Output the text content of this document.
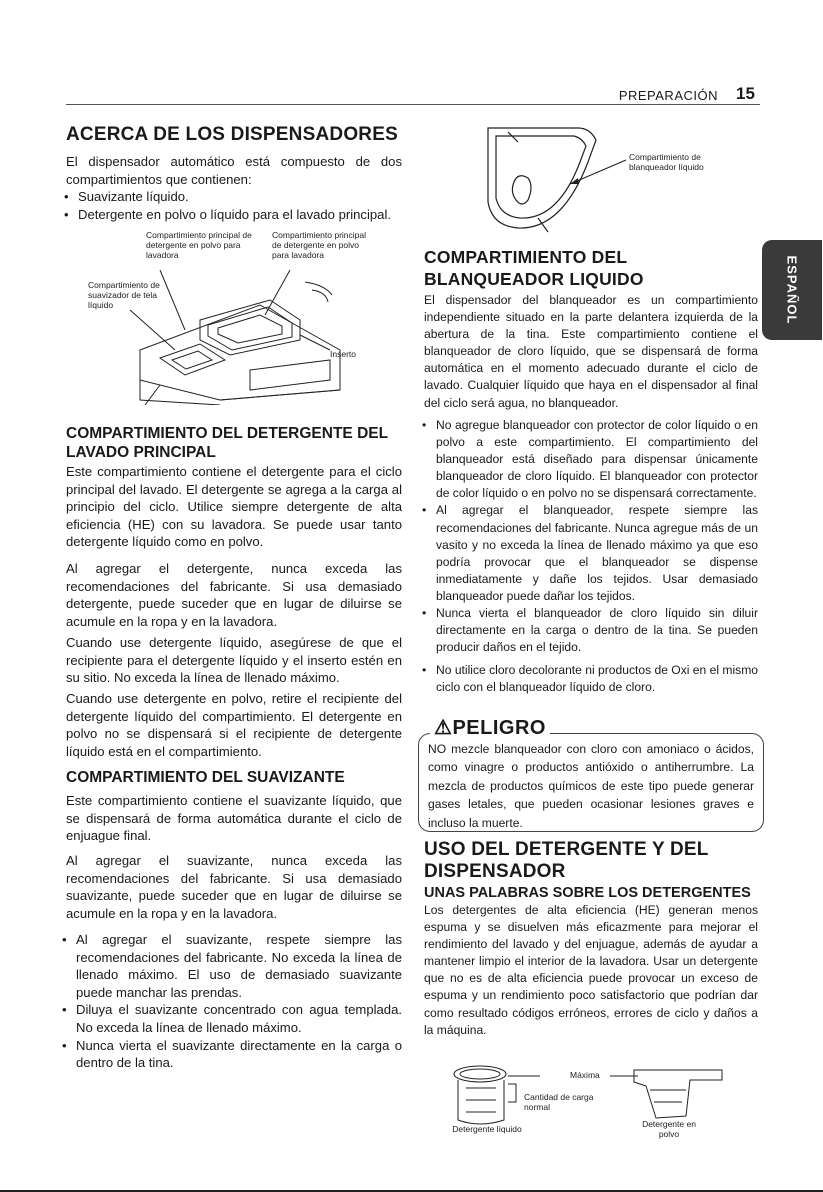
PREPARACIÓN 15
ESPAÑOL
ACERCA DE LOS DISPENSADORES

El dispensador automático está compuesto de dos compartimientos que contienen:

• Suavizante líquido.
• Detergente en polvo o líquido para el lavado principal.
Compartimiento principal de detergente en polvo para lavadora
Compartimiento principal de detergente en polvo para lavadora
Compartimiento de suavizador de tela líquido
Inserto
COMPARTIMIENTO DEL DETERGENTE DEL LAVADO PRINCIPAL

Este compartimiento contiene el detergente para el ciclo principal del lavado. El detergente se agrega a la carga al principio del ciclo. Utilice siempre detergente de alta eficiencia (HE) con su lavadora. Se puede usar tanto detergente líquido como en polvo.

Al agregar el detergente, nunca exceda las recomendaciones del fabricante. Si usa demasiado detergente, puede suceder que en lugar de diluirse se acumule en la ropa y en la lavadora.

Cuando use detergente líquido, asegúrese de que el recipiente para el detergente líquido y el inserto estén en su sitio. No exceda la línea de llenado máximo.

Cuando use detergente en polvo, retire el recipiente del detergente líquido del compartimiento. El detergente en polvo no se dispensará si el recipiente de detergente líquido está en el compartimiento.

COMPARTIMIENTO DEL SUAVIZANTE

Este compartimiento contiene el suavizante líquido, que se dispensará de forma automática durante el ciclo de enjuague final.

Al agregar el suavizante, nunca exceda las recomendaciones del fabricante. Si usa demasiado suavizante, puede suceder que en lugar de diluirse se acumule en la ropa y en la lavadora.

• Al agregar el suavizante, respete siempre las recomendaciones del fabricante. No exceda la línea de llenado máximo. El uso de demasiado suavizante puede manchar las prendas.
• Diluya el suavizante concentrado con agua templada. No exceda la línea de llenado máximo.
• Nunca vierta el suavizante directamente en la carga o dentro de la tina.
Compartimiento de blanqueador líquido
COMPARTIMIENTO DEL BLANQUEADOR LIQUIDO

El dispensador del blanqueador es un compartimiento independiente situado en la parte delantera izquierda de la abertura de la tina. Este compartimiento contiene el blanqueador de cloro líquido, que se dispensará de forma automática en el momento adecuado durante el ciclo de lavado. Cualquier líquido que haya en el dispensador al final del ciclo será agua, no blanqueador.

• No agregue blanqueador con protector de color líquido o en polvo a este compartimiento. El compartimiento del blanqueador está diseñado para dispensar únicamente blanqueador de cloro líquido. El blanqueador con protector de color líquido o en polvo no se dispensará correctamente.
• Al agregar el blanqueador, respete siempre las recomendaciones del fabricante. Nunca agregue más de un vasito y no exceda la línea de llenado máximo ya que eso podría provocar que el blanqueador se dispense inmediatamente y dañe los tejidos. Usar demasiado blanqueador puede dañar los tejidos.
• Nunca vierta el blanqueador de cloro líquido sin diluir directamente en la carga o dentro de la tina. Se pueden producir daños en el tejido.
• No utilice cloro decolorante ni productos de Oxi en el mismo ciclo con el blanqueador líquido de cloro.
⚠PELIGRO

NO mezcle blanqueador con cloro con amoniaco o ácidos, como vinagre o productos antióxido o antiherrumbre. La mezcla de productos químicos de este tipo puede generar gases letales, que pueden ocasionar lesiones graves e incluso la muerte.

USO DEL DETERGENTE Y DEL DISPENSADOR
UNAS PALABRAS SOBRE LOS DETERGENTES

Los detergentes de alta eficiencia (HE) generan menos espuma y se disuelven más eficazmente para mejorar el rendimiento del lavado y del enjuague, además de ayudar a mantener limpio el interior de la lavadora. Usar un detergente que no es de alta eficiencia puede provocar un exceso de espuma y un rendimiento poco satisfactorio que podrían dar como resultado códigos erróneos, errores de ciclo y daños a la máquina.

Máxima
Cantidad de carga normal
Detergente líquido	Detergente en polvo
